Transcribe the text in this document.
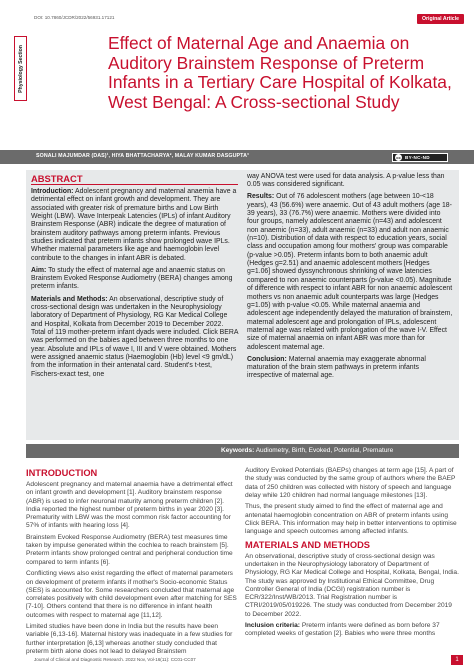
DOI: 10.7860/JCDR/2022/56931.17121	Original Article
Physiology Section
Effect of Maternal Age and Anaemia on Auditory Brainstem Response of Preterm Infants in a Tertiary Care Hospital of Kolkata, West Bengal: A Cross-sectional Study
SONALI MAJUMDAR (DAS)¹, HIYA BHATTACHARYA², MALAY KUMAR DASGUPTA³	cc BY-NC-ND
ABSTRACT

Introduction: Adolescent pregnancy and maternal anaemia have a detrimental effect on infant growth and development. They are associated with greater risk of premature births and Low Birth Weight (LBW). Wave Interpeak Latencies (IPLs) of infant Auditory Brainstem Response (ABR) indicate the degree of maturation of brainstem auditory pathways among preterm infants. Previous studies indicated that preterm infants show prolonged wave IPLs. Whether maternal parameters like age and haemoglobin level contribute to the changes in infant ABR is debated.

Aim: To study the effect of maternal age and anaemic status on Brainstem Evoked Response Audiometry (BERA) changes among preterm infants.

Materials and Methods: An observational, descriptive study of cross-sectional design was undertaken in the Neurophysiology laboratory of Department of Physiology, RG Kar Medical College and Hospital, Kolkata from December 2019 to December 2022. Total of 119 mother-preterm infant dyads were included. Click BERA was performed on the babies aged between three months to one year. Absolute and IPLs of wave I, III and V were obtained. Mothers were assigned anaemic status (Haemoglobin (Hb) level <9 gm/dL) from the information in their antenatal card. Student's t-test, Fischers-exact test, one

way ANOVA test were used for data analysis. A p-value less than 0.05 was considered significant.

Results: Out of 76 adolescent mothers (age between 10-<18 years), 43 (56.6%) were anaemic. Out of 43 adult mothers (age 18-39 years), 33 (76.7%) were anaemic. Mothers were divided into four groups, namely adolescent anaemic (n=43) and adolescent non anaemic (n=33), adult anaemic (n=33) and adult non anaemic (n=10). Distribution of data with respect to education years, social class and occupation among four mothers' group was comparable (p-value >0.05). Preterm infants born to both anaemic adult (Hedges g=2.51) and anaemic adolescent mothers [Hedges g=1.06] showed dyssynchronous shrinking of wave latencies compared to non anaemic counterparts (p-value <0.05). Magnitude of difference with respect to infant ABR for non anaemic adolescent mothers vs non anaemic adult counterparts was large (Hedges g=1.05) with p-value <0.05. While maternal anaemia and adolescent age independently delayed the maturation of brainstem, maternal adolescent age and prolongation of IPLs, adolescent maternal age was related with prolongation of the wave I-V. Effect size of maternal anaemia on infant ABR was more than for adolescent maternal age.

Conclusion: Maternal anaemia may exaggerate abnormal maturation of the brain stem pathways in preterm infants irrespective of maternal age.

Keywords: Audiometry, Birth, Evoked, Potential, Premature
INTRODUCTION

Adolescent pregnancy and maternal anaemia have a detrimental effect on infant growth and development [1]. Auditory brainstem response (ABR) is used to infer neuronal maturity among preterm children [2]. India reported the highest number of preterm births in year 2020 [3]. Prematurity with LBW was the most common risk factor accounting for 57% of infants with hearing loss [4].

Brainstem Evoked Response Audiometry (BERA) test measures time taken by impulse generated within the cochlea to reach brainstem [5]. Preterm infants show prolonged central and peripheral conduction time compared to term infants [6].

Conflicting views also exist regarding the effect of maternal parameters on development of preterm infants if mother's Socio-economic Status (SES) is accounted for. Some researchers concluded that maternal age correlates positively with child development even after matching for SES [7-10]. Others contend that there is no difference in infant health outcomes with respect to maternal age [11,12].

Limited studies have been done in India but the results have been variable [6,13-16]. Maternal history was inadequate in a few studies for further interpretation [6,13] whereas another study concluded that preterm birth alone does not lead to delayed Brainstem

Auditory Evoked Potentials (BAEPs) changes at term age [15]. A part of the study was conducted by the same group of authors where the BAEP data of 250 children was collected with history of speech and language delay while 120 children had normal language milestones [13].

Thus, the present study aimed to find the effect of maternal age and antenatal haemoglobin concentration on ABR of preterm infants using Click BERA. This information may help in better interventions to optimise language and speech outcomes among affected infants.

MATERIALS AND METHODS

An observational, descriptive study of cross-sectional design was undertaken in the Neurophysiology laboratory of Department of Physiology, RG Kar Medical College and Hospital, Kolkata, Bengal, India. The study was approved by Institutional Ethical Committee, Drug Controller General of India (DCGI) registration number is ECR/322/Inst/WB/2013. Trial Registration number is CTRI/2019/05/019226. The study was conducted from December 2019 to December 2022.

Inclusion criteria: Preterm infants were defined as born before 37 completed weeks of gestation [2]. Babies who were three months

Journal of Clinical and Diagnostic Research. 2022 Nov, Vol-16(11): CC01-CC07	1
